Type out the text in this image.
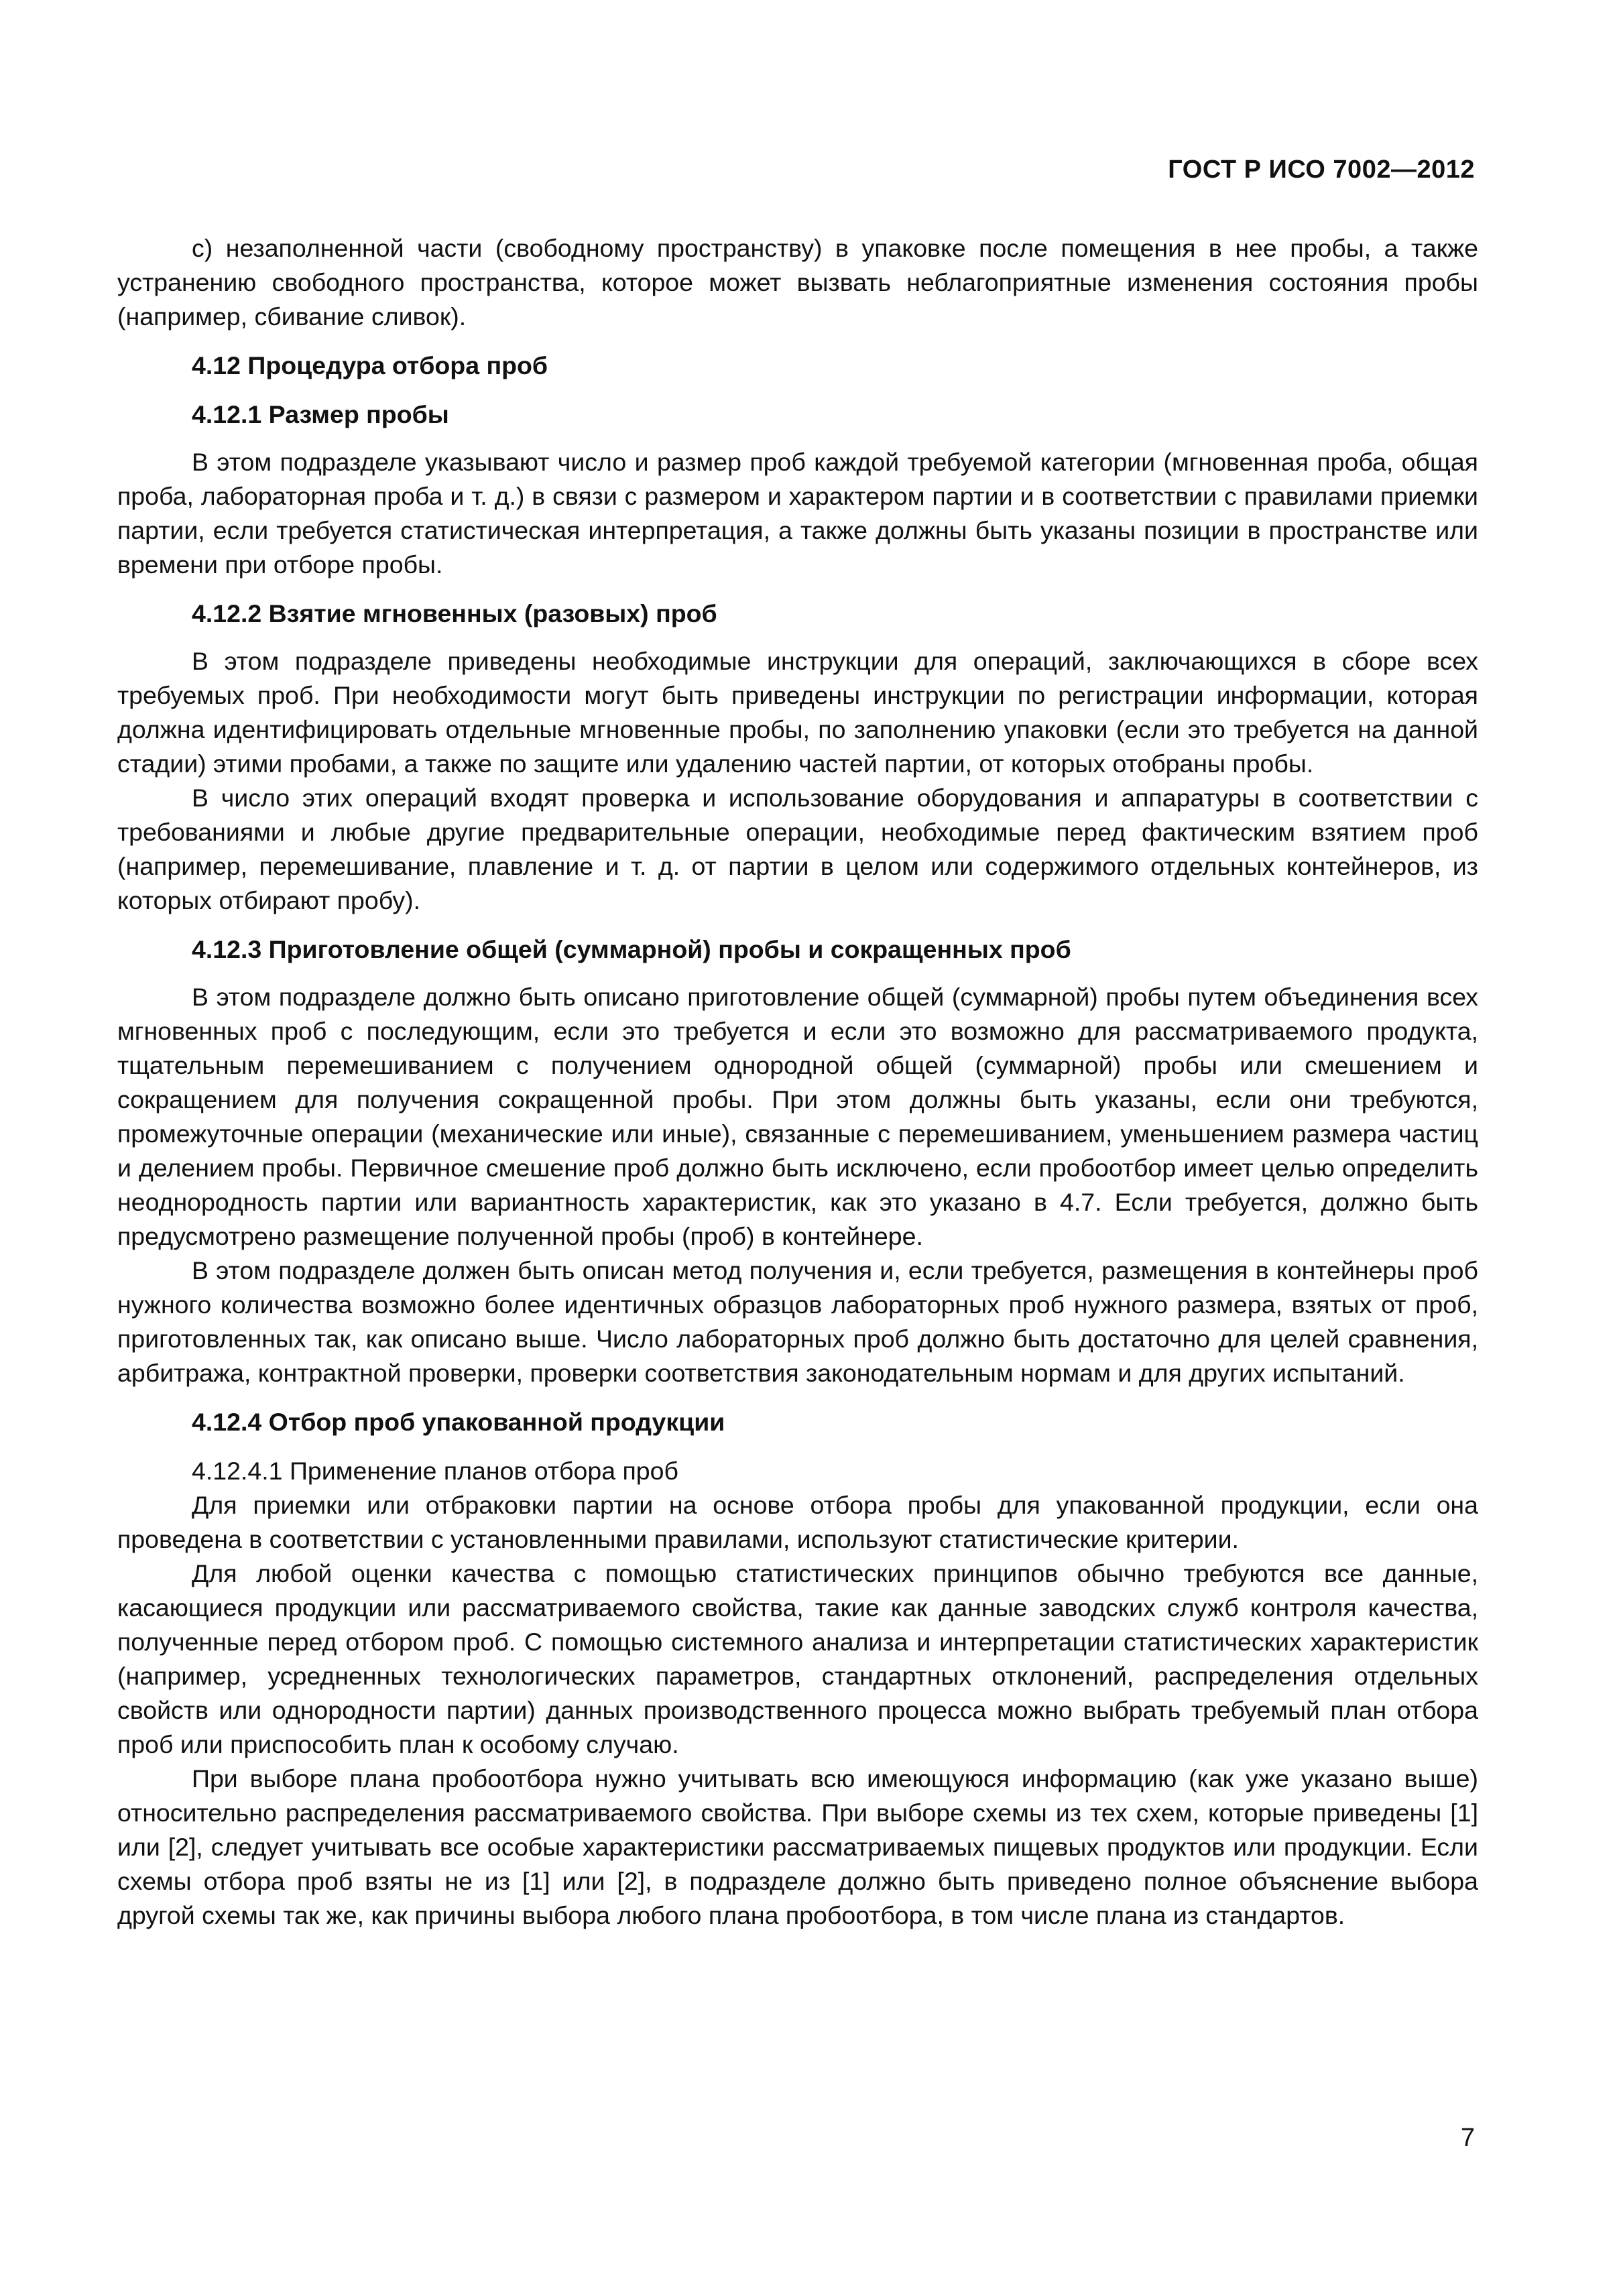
ГОСТ Р ИСО 7002—2012

c) незаполненной части (свободному пространству) в упаковке после помещения в нее пробы, а также устранению свободного пространства, которое может вызвать неблагоприятные изменения состояния пробы (например, сбивание сливок).

4.12 Процедура отбора проб
4.12.1 Размер пробы

В этом подразделе указывают число и размер проб каждой требуемой категории (мгновенная проба, общая проба, лабораторная проба и т. д.) в связи с размером и характером партии и в соответствии с правилами приемки партии, если требуется статистическая интерпретация, а также должны быть указаны позиции в пространстве или времени при отборе пробы.

4.12.2 Взятие мгновенных (разовых) проб

В этом подразделе приведены необходимые инструкции для операций, заключающихся в сборе всех требуемых проб. При необходимости могут быть приведены инструкции по регистрации информации, которая должна идентифицировать отдельные мгновенные пробы, по заполнению упаковки (если это требуется на данной стадии) этими пробами, а также по защите или удалению частей партии, от которых отобраны пробы.

В число этих операций входят проверка и использование оборудования и аппаратуры в соответствии с требованиями и любые другие предварительные операции, необходимые перед фактическим взятием проб (например, перемешивание, плавление и т. д. от партии в целом или содержимого отдельных контейнеров, из которых отбирают пробу).

4.12.3 Приготовление общей (суммарной) пробы и сокращенных проб

В этом подразделе должно быть описано приготовление общей (суммарной) пробы путем объединения всех мгновенных проб с последующим, если это требуется и если это возможно для рассматриваемого продукта, тщательным перемешиванием с получением однородной общей (суммарной) пробы или смешением и сокращением для получения сокращенной пробы. При этом должны быть указаны, если они требуются, промежуточные операции (механические или иные), связанные с перемешиванием, уменьшением размера частиц и делением пробы. Первичное смешение проб должно быть исключено, если пробоотбор имеет целью определить неоднородность партии или вариантность характеристик, как это указано в 4.7. Если требуется, должно быть предусмотрено размещение полученной пробы (проб) в контейнере.

В этом подразделе должен быть описан метод получения и, если требуется, размещения в контейнеры проб нужного количества возможно более идентичных образцов лабораторных проб нужного размера, взятых от проб, приготовленных так, как описано выше. Число лабораторных проб должно быть достаточно для целей сравнения, арбитража, контрактной проверки, проверки соответствия законодательным нормам и для других испытаний.

4.12.4 Отбор проб упакованной продукции
4.12.4.1 Применение планов отбора проб

Для приемки или отбраковки партии на основе отбора пробы для упакованной продукции, если она проведена в соответствии с установленными правилами, используют статистические критерии.

Для любой оценки качества с помощью статистических принципов обычно требуются все данные, касающиеся продукции или рассматриваемого свойства, такие как данные заводских служб контроля качества, полученные перед отбором проб. С помощью системного анализа и интерпретации статистических характеристик (например, усредненных технологических параметров, стандартных отклонений, распределения отдельных свойств или однородности партии) данных производственного процесса можно выбрать требуемый план отбора проб или приспособить план к особому случаю.

При выборе плана пробоотбора нужно учитывать всю имеющуюся информацию (как уже указано выше) относительно распределения рассматриваемого свойства. При выборе схемы из тех схем, которые приведены [1] или [2], следует учитывать все особые характеристики рассматриваемых пищевых продуктов или продукции. Если схемы отбора проб взяты не из [1] или [2], в подразделе должно быть приведено полное объяснение выбора другой схемы так же, как причины выбора любого плана пробоотбора, в том числе плана из стандартов.

7
